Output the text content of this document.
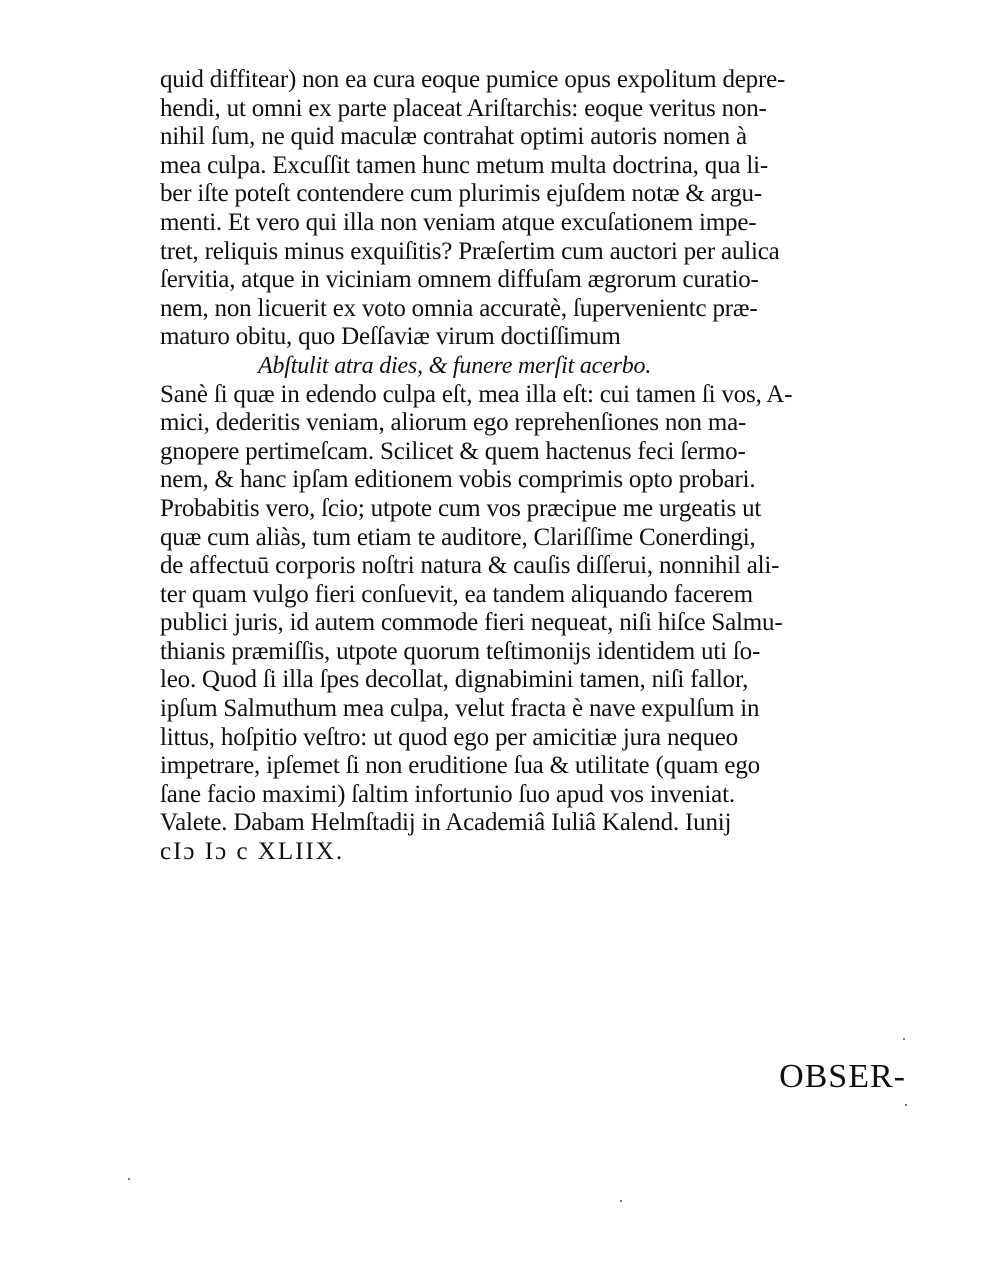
quid diffitear) non ea cura eoque pumice opus expolitum depre-
hendi, ut omni ex parte placeat Ariſtarchis: eoque veritus non-
nihil ſum, ne quid maculæ contrahat optimi autoris nomen à
mea culpa. Excuſſit tamen hunc metum multa doctrina, qua li-
ber iſte poteſt contendere cum plurimis ejuſdem notæ & argu-
menti. Et vero qui illa non veniam atque excuſationem impe-
tret, reliquis minus exquiſitis? Præſertim cum auctori per aulica
ſervitia, atque in viciniam omnem diffuſam ægrorum curatio-
nem, non licuerit ex voto omnia accuratè, ſupervenientc præ-
maturo obitu, quo Deſſaviæ virum doctiſſimum
Abſtulit atra dies, & funere merſit acerbo.
Sanè ſi quæ in edendo culpa eſt, mea illa eſt: cui tamen ſi vos, A-
mici, dederitis veniam, aliorum ego reprehenſiones non ma-
gnopere pertimeſcam. Scilicet & quem hactenus feci ſermo-
nem, & hanc ipſam editionem vobis comprimis opto probari.
Probabitis vero, ſcio; utpote cum vos præcipue me urgeatis ut
quæ cum aliàs, tum etiam te auditore, Clariſſime Conerdingi,
de affectuū corporis noſtri natura & cauſis diſſerui, nonnihil ali-
ter quam vulgo fieri conſuevit, ea tandem aliquando facerem
publici juris, id autem commode fieri nequeat, niſi hiſce Salmu-
thianis præmiſſis, utpote quorum teſtimonijs identidem uti ſo-
leo. Quod ſi illa ſpes decollat, dignabimini tamen, niſi fallor,
ipſum Salmuthum mea culpa, velut fracta è nave expulſum in
littus, hoſpitio veſtro: ut quod ego per amicitiæ jura nequeo
impetrare, ipſemet ſi non eruditione ſua & utilitate (quam ego
ſane facio maximi) ſaltim infortunio ſuo apud vos inveniat.
Valete. Dabam Helmſtadij in Academiâ Iuliâ Kalend. Iunij
cIɔ Iɔ c XLIIX.
OBSER-
